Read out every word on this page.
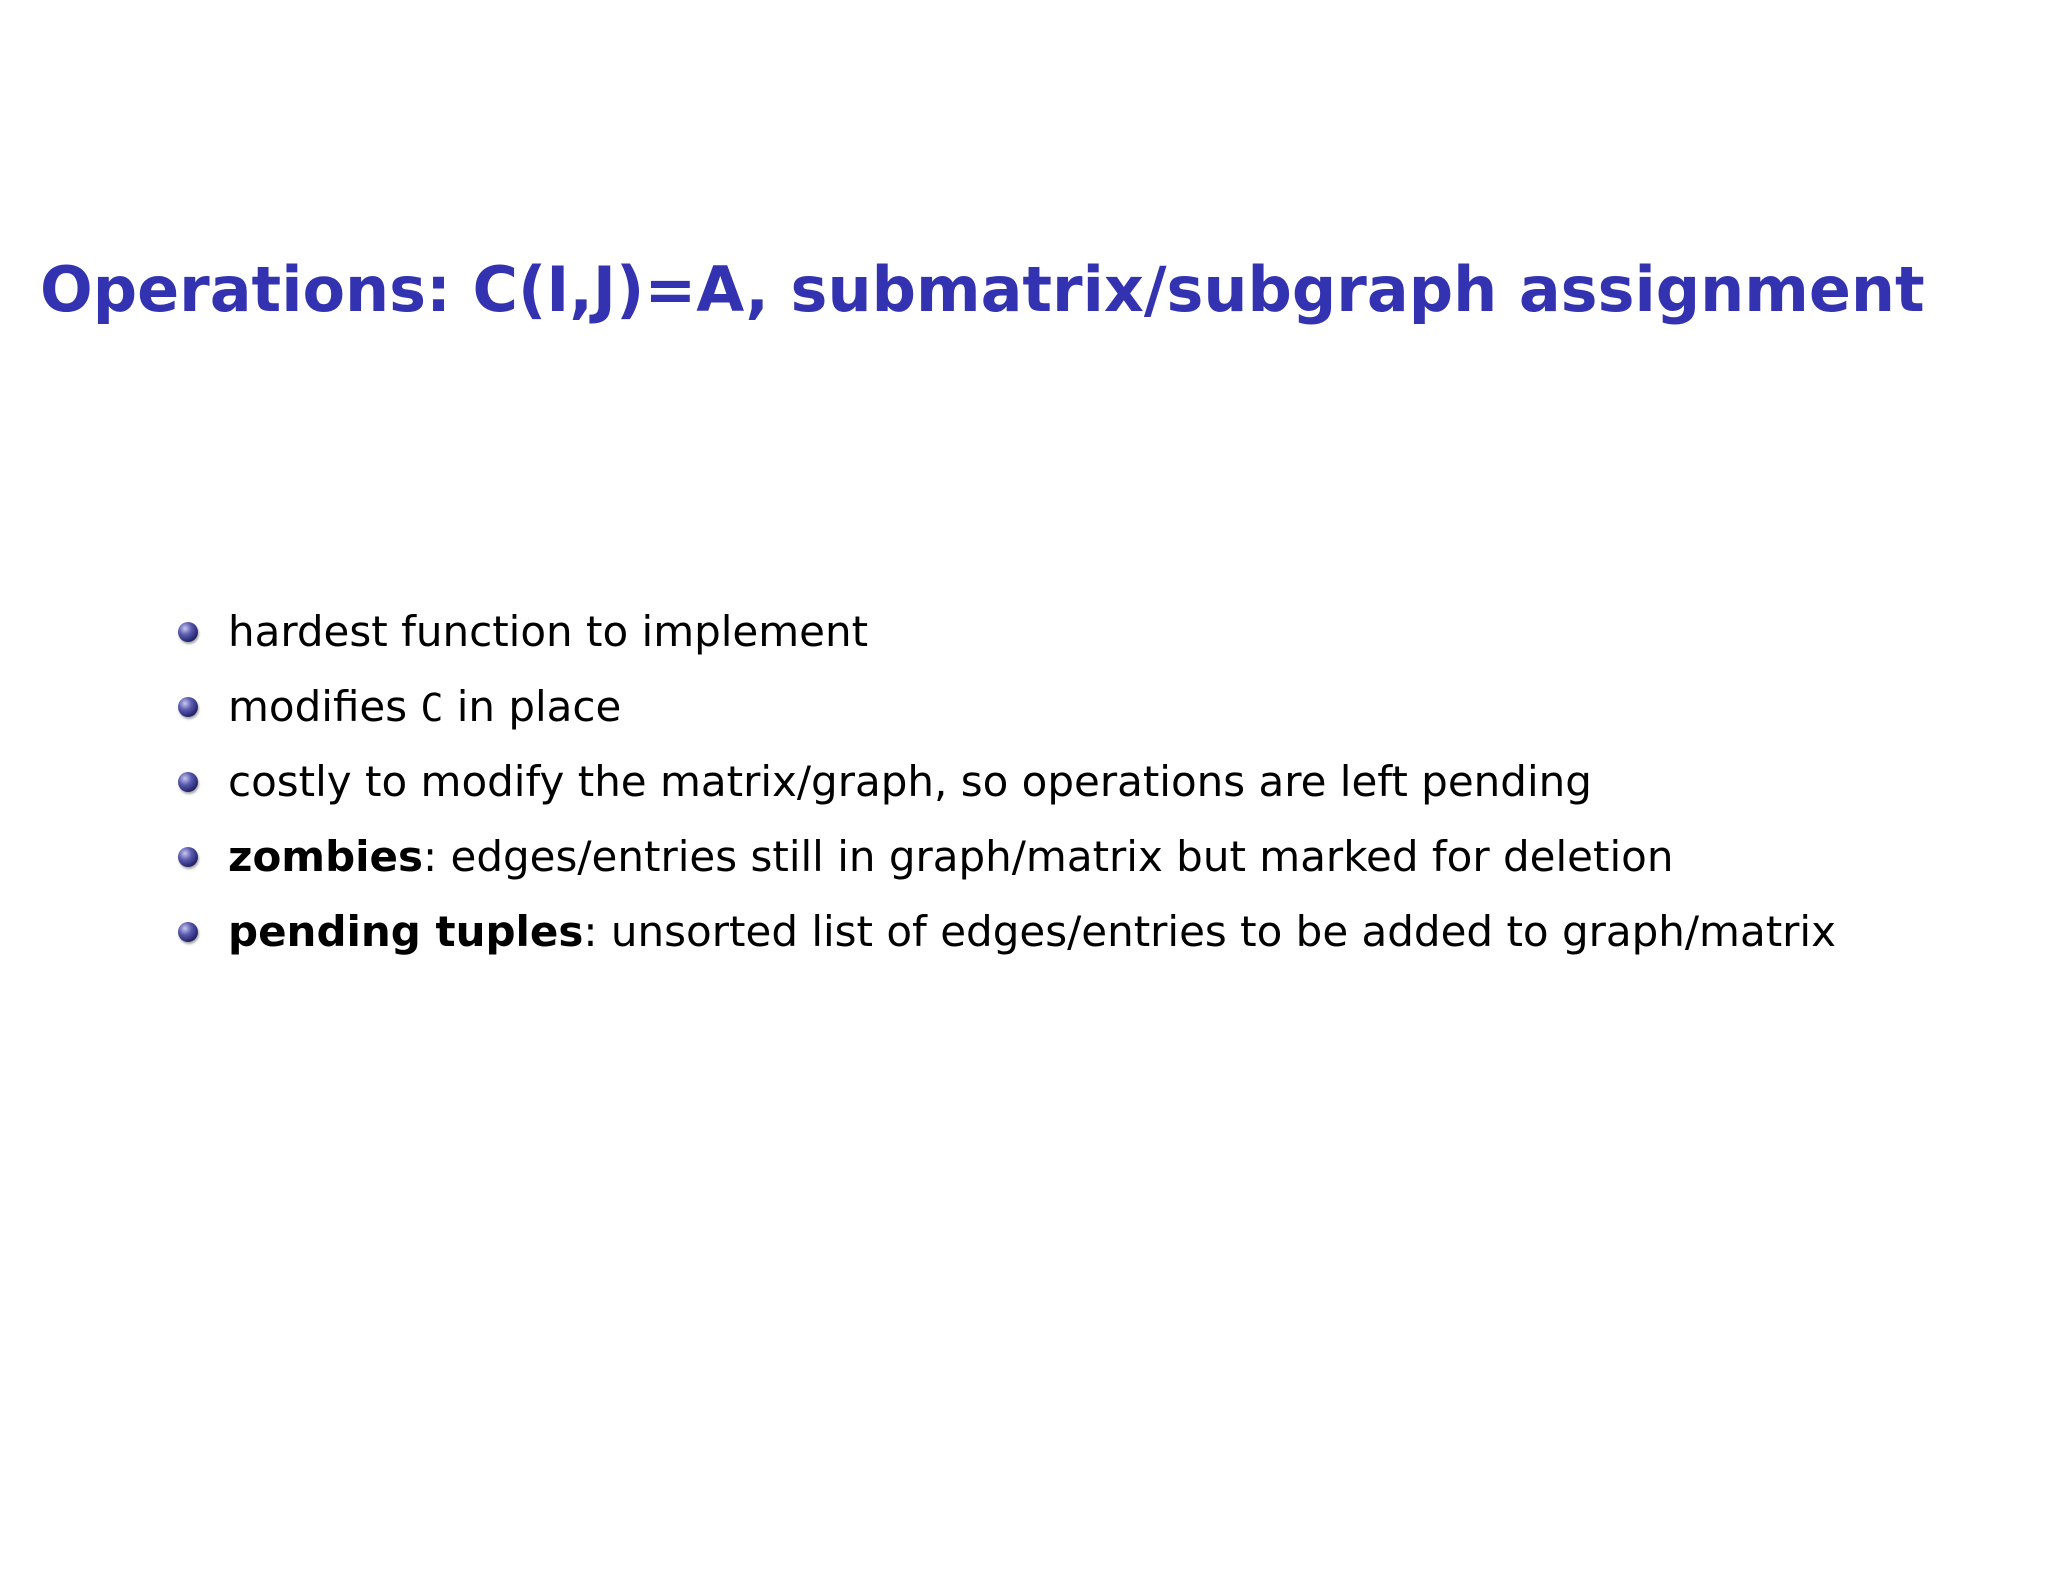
Operations: C(I,J)=A, submatrix/subgraph assignment
hardest function to implement
modifies C in place
costly to modify the matrix/graph, so operations are left pending
zombies: edges/entries still in graph/matrix but marked for deletion
pending tuples: unsorted list of edges/entries to be added to graph/matrix
